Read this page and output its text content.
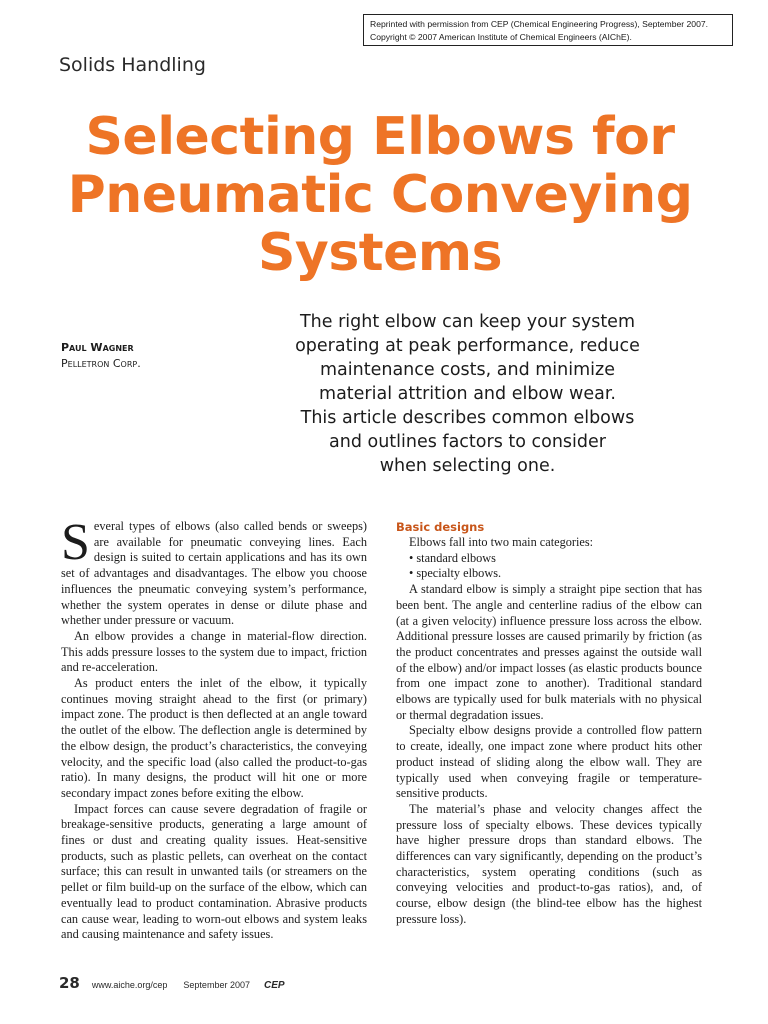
Reprinted with permission from CEP (Chemical Engineering Progress), September 2007.
Copyright © 2007 American Institute of Chemical Engineers (AIChE).
Solids Handling
Selecting Elbows for
Pneumatic Conveying
Systems
Paul Wagner
Pelletron Corp.
The right elbow can keep your system
operating at peak performance, reduce
maintenance costs, and minimize
material attrition and elbow wear.
This article describes common elbows
and outlines factors to consider
when selecting one.

Several types of elbows (also called bends or sweeps) are available for pneumatic conveying lines. Each design is suited to certain applications and has its own set of advantages and disadvantages. The elbow you choose influences the pneumatic conveying system’s performance, whether the system operates in dense or dilute phase and whether under pressure or vacuum.

An elbow provides a change in material-flow direction. This adds pressure losses to the system due to impact, friction and re-acceleration.

As product enters the inlet of the elbow, it typically continues moving straight ahead to the first (or primary) impact zone. The product is then deflected at an angle toward the outlet of the elbow. The deflection angle is determined by the elbow design, the product’s characteristics, the conveying velocity, and the specific load (also called the product-to-gas ratio). In many designs, the product will hit one or more secondary impact zones before exiting the elbow.

Impact forces can cause severe degradation of fragile or breakage-sensitive products, generating a large amount of fines or dust and creating quality issues. Heat-sensitive products, such as plastic pellets, can overheat on the contact surface; this can result in unwanted tails (or streamers on the pellet or film build-up on the surface of the elbow, which can eventually lead to product contamination. Abrasive products can cause wear, leading to worn-out elbows and system leaks and causing maintenance and safety issues.

Basic designs

Elbows fall into two main categories:

• standard elbows
• specialty elbows.

A standard elbow is simply a straight pipe section that has been bent. The angle and centerline radius of the elbow can (at a given velocity) influence pressure loss across the elbow. Additional pressure losses are caused primarily by friction (as the product concentrates and presses against the outside wall of the elbow) and/or impact losses (as elastic products bounce from one impact zone to another). Traditional standard elbows are typically used for bulk materials with no physical or thermal degradation issues.

Specialty elbow designs provide a controlled flow pattern to create, ideally, one impact zone where product hits other product instead of sliding along the elbow wall. They are typically used when conveying fragile or temperature-sensitive products.

The material’s phase and velocity changes affect the pressure loss of specialty elbows. These devices typically have higher pressure drops than standard elbows. The differences can vary significantly, depending on the product’s characteristics, system operating conditions (such as conveying velocities and product-to-gas ratios), and, of course, elbow design (the blind-tee elbow has the highest pressure loss).

28 www.aiche.org/cep September 2007 CEP
